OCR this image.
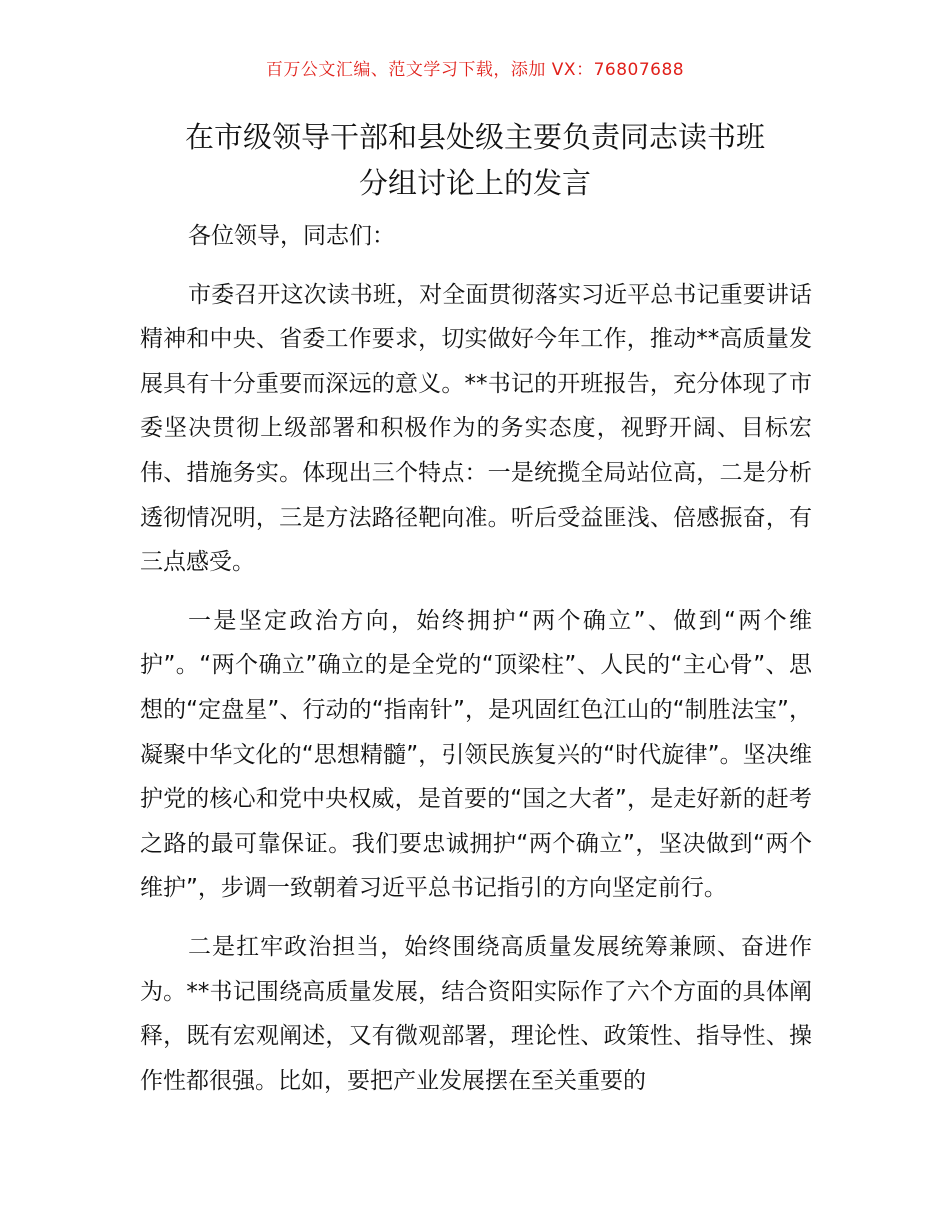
百万公文汇编、范文学习下载，添加 VX：76807688
在市级领导干部和县处级主要负责同志读书班
分组讨论上的发言

各位领导，同志们：

市委召开这次读书班，对全面贯彻落实习近平总书记重要讲话精神和中央、省委工作要求，切实做好今年工作，推动**高质量发展具有十分重要而深远的意义。**书记的开班报告，充分体现了市委坚决贯彻上级部署和积极作为的务实态度，视野开阔、目标宏伟、措施务实。体现出三个特点：一是统揽全局站位高，二是分析透彻情况明，三是方法路径靶向准。听后受益匪浅、倍感振奋，有三点感受。

一是坚定政治方向，始终拥护“两个确立”、做到“两个维护”。“两个确立”确立的是全党的“顶梁柱”、人民的“主心骨”、思想的“定盘星”、行动的“指南针”，是巩固红色江山的“制胜法宝”，凝聚中华文化的“思想精髓”，引领民族复兴的“时代旋律”。坚决维护党的核心和党中央权威，是首要的“国之大者”，是走好新的赶考之路的最可靠保证。我们要忠诚拥护“两个确立”，坚决做到“两个维护”，步调一致朝着习近平总书记指引的方向坚定前行。

二是扛牢政治担当，始终围绕高质量发展统筹兼顾、奋进作为。**书记围绕高质量发展，结合资阳实际作了六个方面的具体阐释，既有宏观阐述，又有微观部署，理论性、政策性、指导性、操作性都很强。比如，要把产业发展摆在至关重要的
